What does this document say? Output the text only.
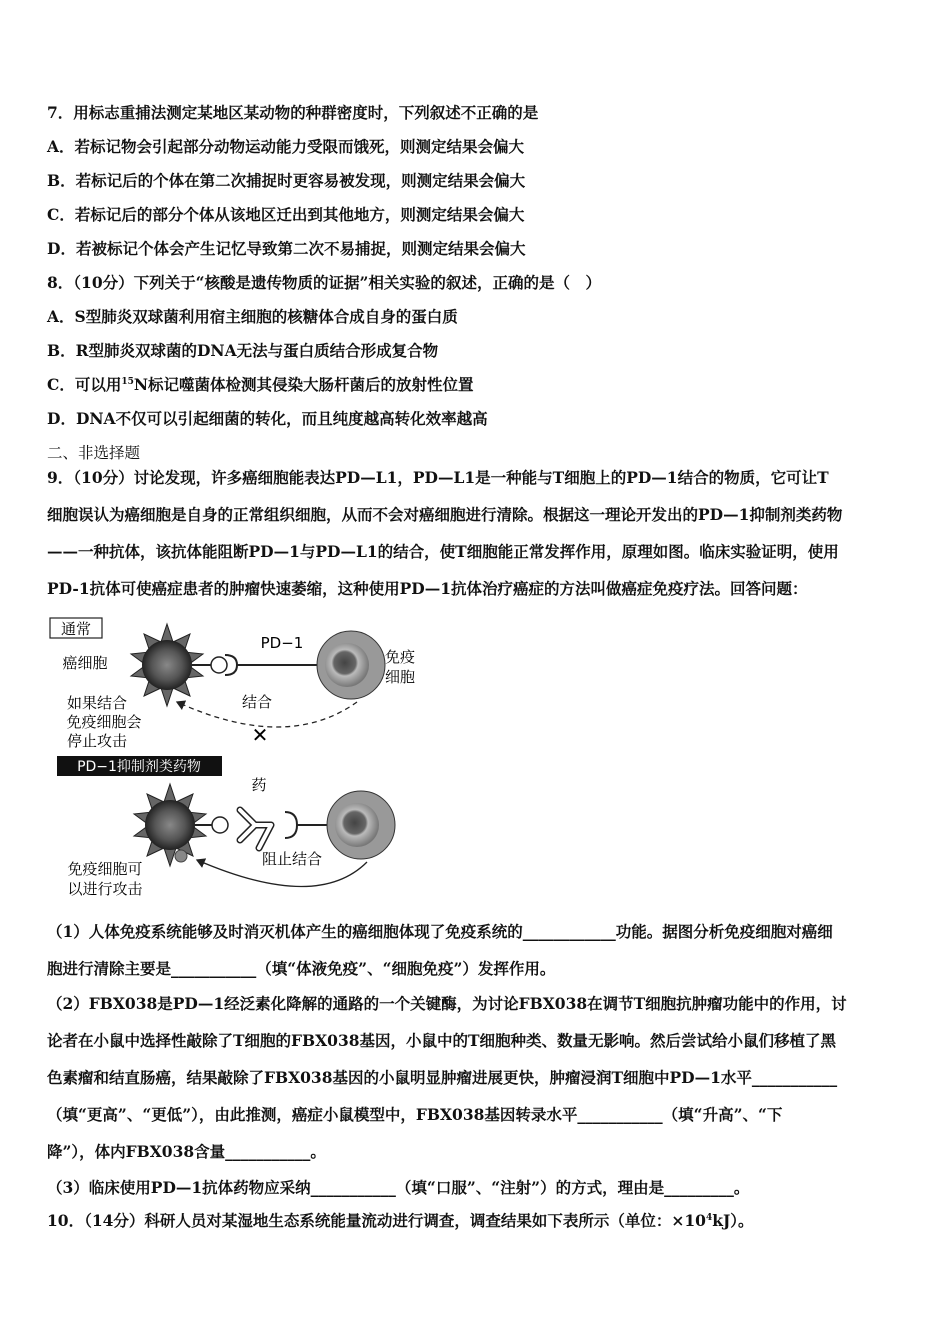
7．用标志重捕法测定某地区某动物的种群密度时，下列叙述不正确的是
A．若标记物会引起部分动物运动能力受限而饿死，则测定结果会偏大
B．若标记后的个体在第二次捕捉时更容易被发现，则测定结果会偏大
C．若标记后的部分个体从该地区迁出到其他地方，则测定结果会偏大
D．若被标记个体会产生记忆导致第二次不易捕捉，则测定结果会偏大
8．（10分）下列关于“核酸是遗传物质的证据”相关实验的叙述，正确的是（　）
A．S型肺炎双球菌利用宿主细胞的核糖体合成自身的蛋白质
B．R型肺炎双球菌的DNA无法与蛋白质结合形成复合物
C．可以用$^{15}$N标记噬菌体检测其侵染大肠杆菌后的放射性位置
D．DNA不仅可以引起细菌的转化，而且纯度越高转化效率越高
二、非选择题
9．（10分）讨论发现，许多癌细胞能表达PD—L1，PD—L1是一种能与T细胞上的PD—1结合的物质，它可让T
细胞误认为癌细胞是自身的正常组织细胞，从而不会对癌细胞进行清除。根据这一理论开发出的PD—1抑制剂类药物
——一种抗体，该抗体能阻断PD—1与PD—L1的结合，使T细胞能正常发挥作用，原理如图。临床实验证明，使用
PD-1抗体可使癌症患者的肿瘤快速萎缩，这种使用PD—1抗体治疗癌症的方法叫做癌症免疫疗法。回答问题：
通常
癌细胞
PD−1
免疫
细胞
结合
✕
如果结合
免疫细胞会
停止攻击
PD−1抑制剂类药物
药
阻止结合
免疫细胞可
以进行攻击
（1）人体免疫系统能够及时消灭机体产生的癌细胞体现了免疫系统的____________功能。据图分析免疫细胞对癌细
胞进行清除主要是___________（填“体液免疫”、“细胞免疫”）发挥作用。
（2）FBX038是PD—1经泛素化降解的通路的一个关键酶，为讨论FBX038在调节T细胞抗肿瘤功能中的作用，讨
论者在小鼠中选择性敲除了T细胞的FBX038基因，小鼠中的T细胞种类、数量无影响。然后尝试给小鼠们移植了黑
色素瘤和结直肠癌，结果敲除了FBX038基因的小鼠明显肿瘤进展更快，肿瘤浸润T细胞中PD—1水平___________
（填“更高”、“更低”），由此推测，癌症小鼠模型中，FBX038基因转录水平___________（填“升高”、“下
降”），体内FBX038含量___________。
（3）临床使用PD—1抗体药物应采纳___________（填“口服”、“注射”）的方式，理由是_________。
10．（14分）科研人员对某湿地生态系统能量流动进行调查，调查结果如下表所示（单位：$\times 10^4kJ$）。
